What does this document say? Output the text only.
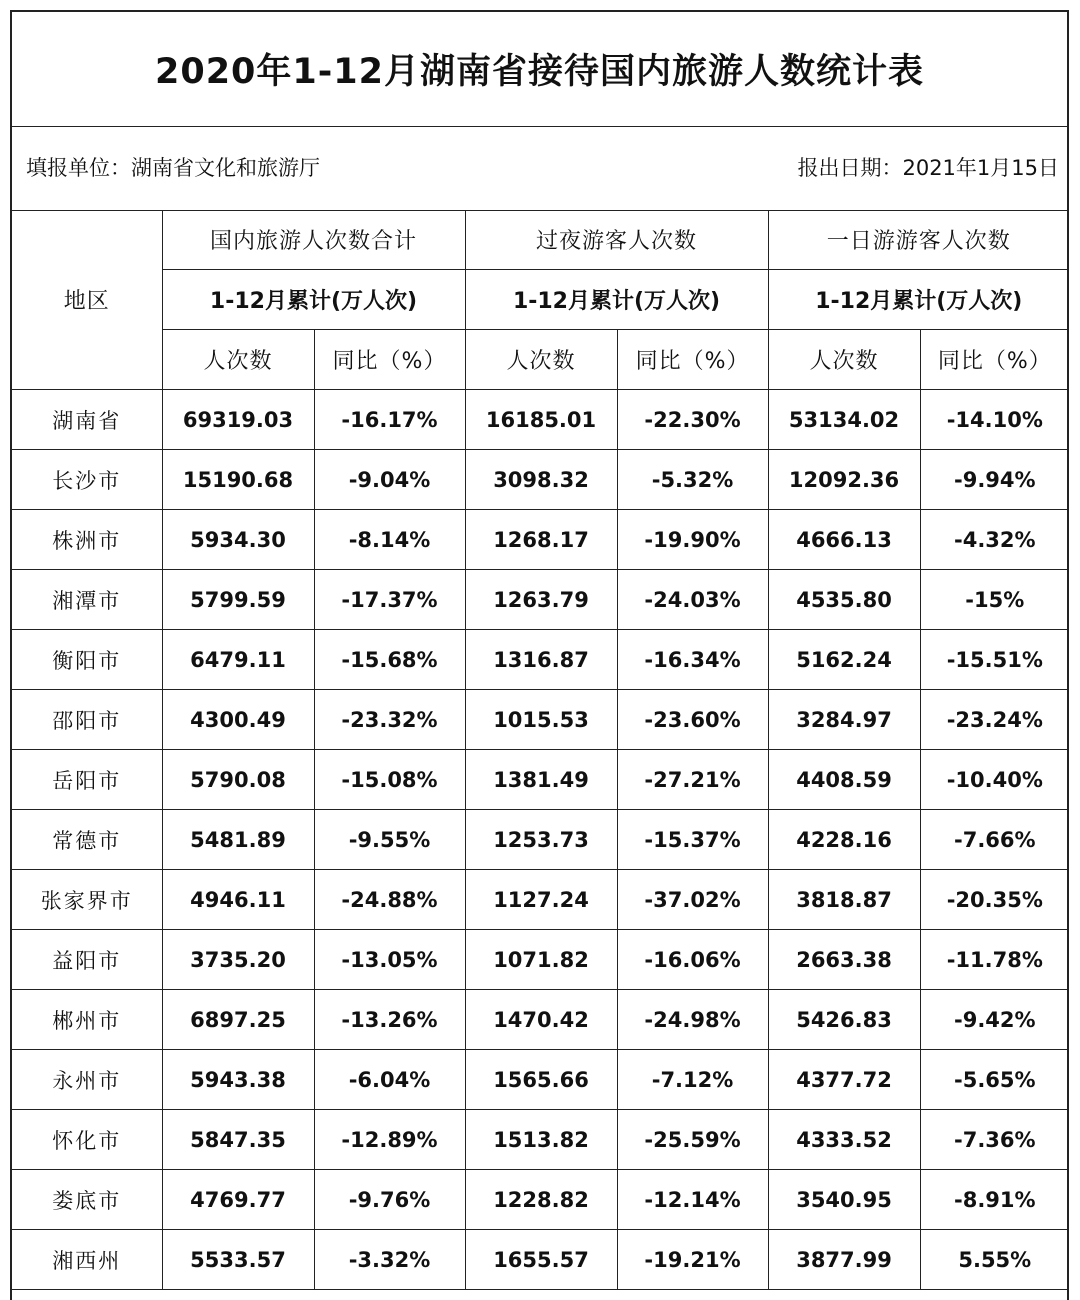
2020年1-12月湖南省接待国内旅游人数统计表
填报单位：湖南省文化和旅游厅	报出日期：2021年1月15日
地区	国内旅游人次数合计		过夜游客人次数		一日游游客人次数	
	1-12月累计(万人次)		1-12月累计(万人次)		1-12月累计(万人次)	
	人次数	同比（%）	人次数	同比（%）	人次数	同比（%）
湖南省	69319.03	-16.17%	16185.01	-22.30%	53134.02	-14.10%
长沙市	15190.68	-9.04%	3098.32	-5.32%	12092.36	-9.94%
株洲市	5934.30	-8.14%	1268.17	-19.90%	4666.13	-4.32%
湘潭市	5799.59	-17.37%	1263.79	-24.03%	4535.80	-15%
衡阳市	6479.11	-15.68%	1316.87	-16.34%	5162.24	-15.51%
邵阳市	4300.49	-23.32%	1015.53	-23.60%	3284.97	-23.24%
岳阳市	5790.08	-15.08%	1381.49	-27.21%	4408.59	-10.40%
常德市	5481.89	-9.55%	1253.73	-15.37%	4228.16	-7.66%
张家界市	4946.11	-24.88%	1127.24	-37.02%	3818.87	-20.35%
益阳市	3735.20	-13.05%	1071.82	-16.06%	2663.38	-11.78%
郴州市	6897.25	-13.26%	1470.42	-24.98%	5426.83	-9.42%
永州市	5943.38	-6.04%	1565.66	-7.12%	4377.72	-5.65%
怀化市	5847.35	-12.89%	1513.82	-25.59%	4333.52	-7.36%
娄底市	4769.77	-9.76%	1228.82	-12.14%	3540.95	-8.91%
湘西州	5533.57	-3.32%	1655.57	-19.21%	3877.99	5.55%
